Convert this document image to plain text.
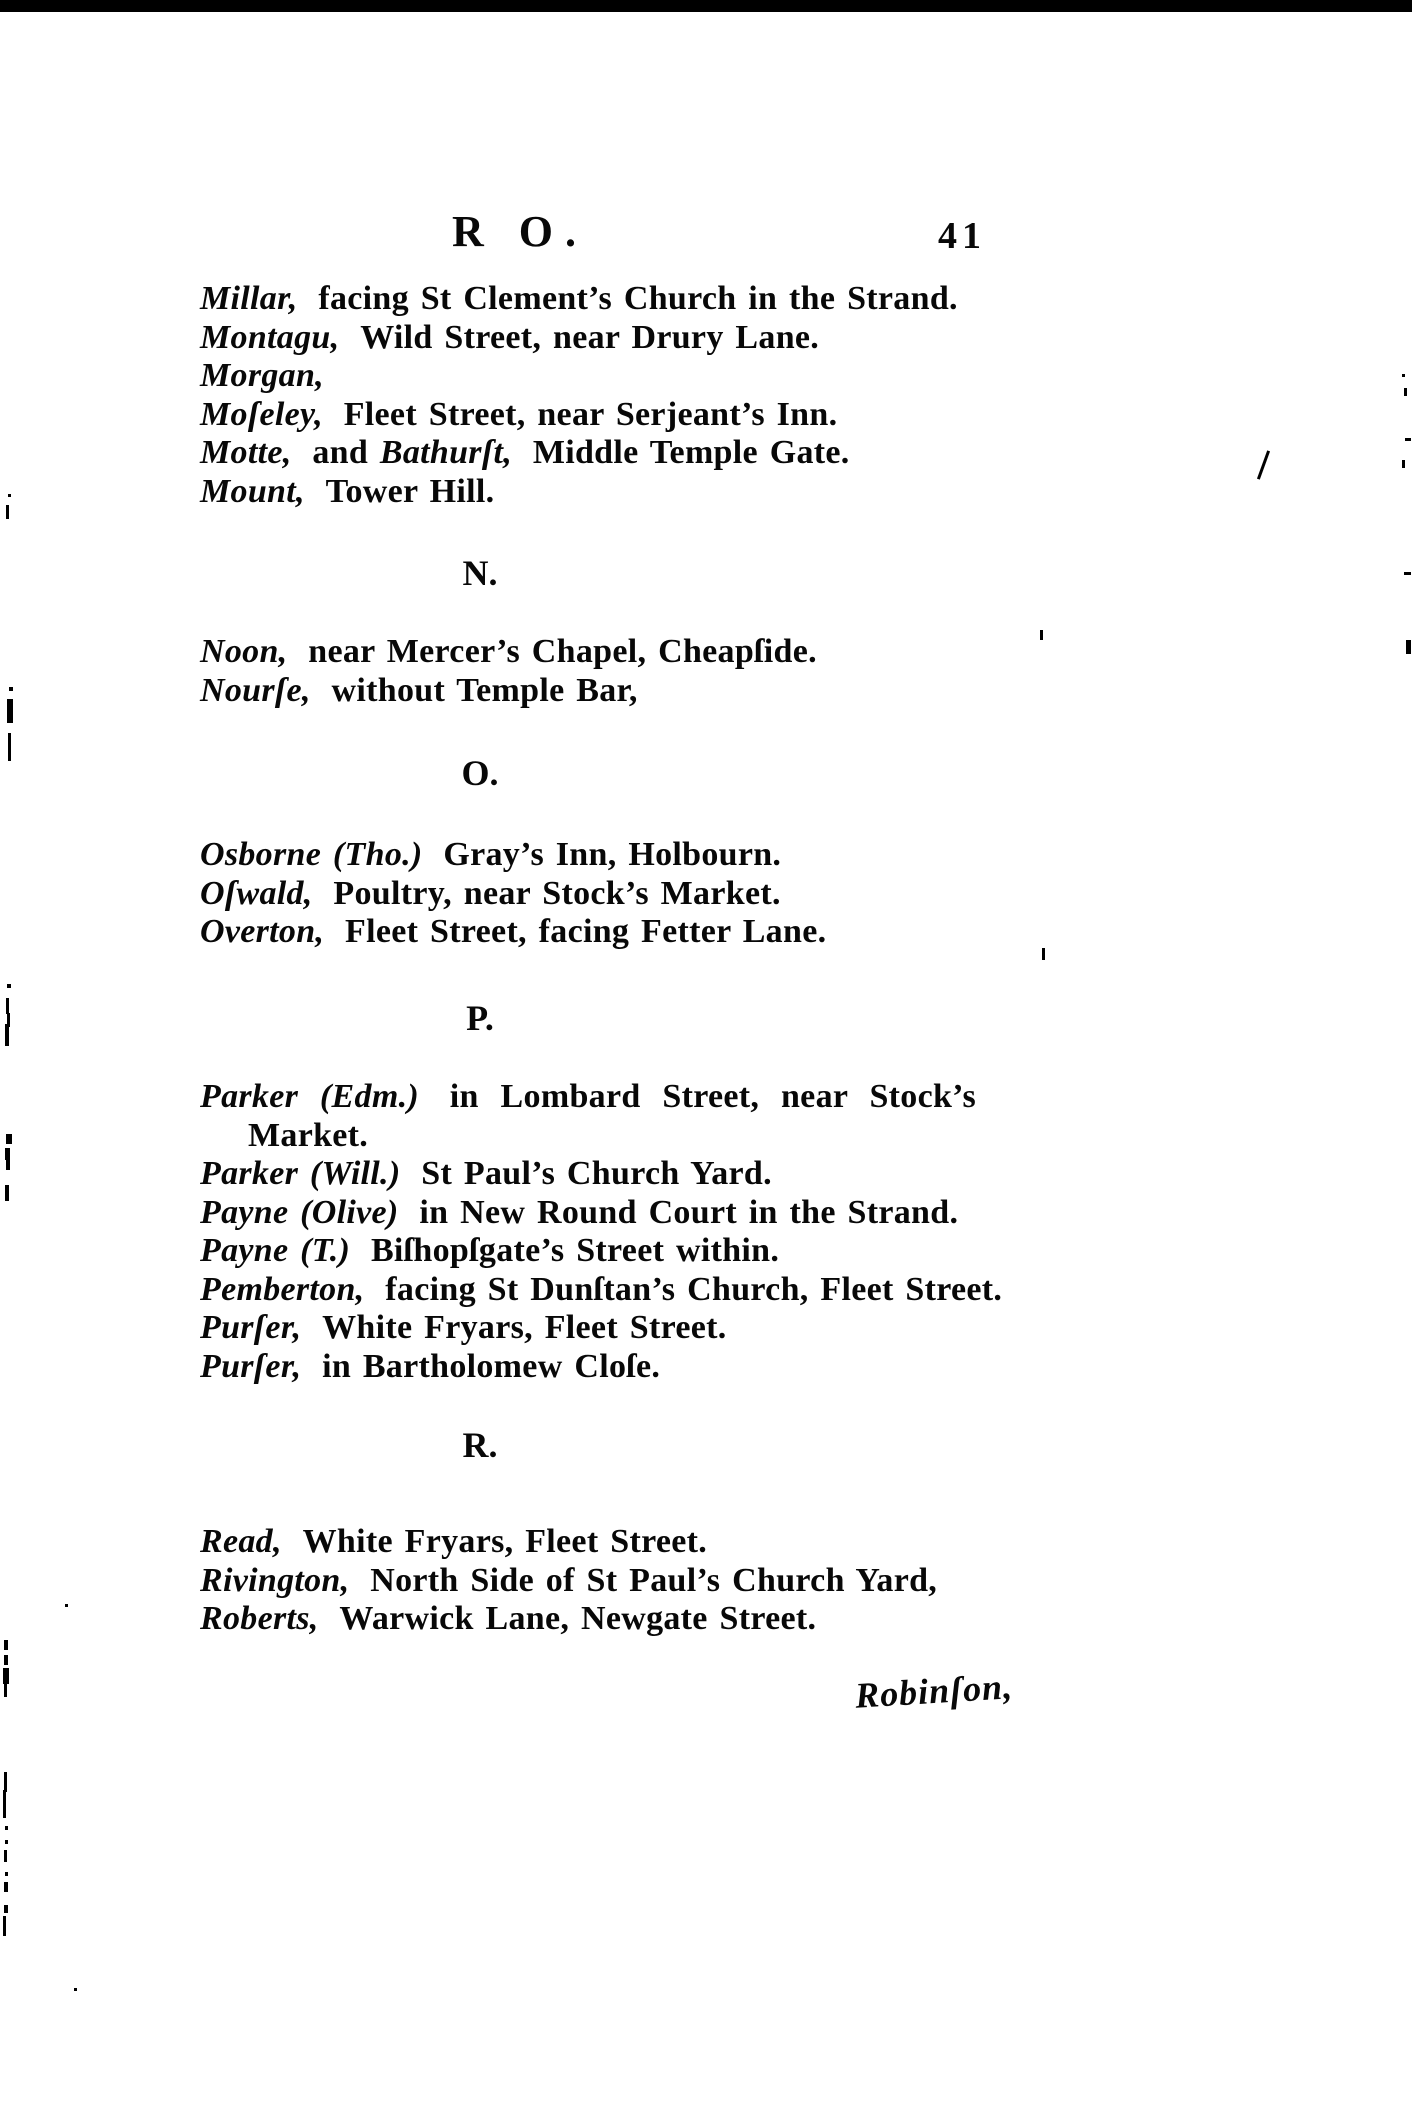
R O.	41
Millar, facing St Clement’s Church in the Strand.
Montagu, Wild Street, near Drury Lane.
Morgan,
Moſeley, Fleet Street, near Serjeant’s Inn.
Motte, and Bathurſt, Middle Temple Gate.
Mount, Tower Hill.
N.
Noon, near Mercer’s Chapel, Cheapſide.
Nourſe, without Temple Bar,
O.
Osborne (Tho.) Gray’s Inn, Holbourn.
Oſwald, Poultry, near Stock’s Market.
Overton, Fleet Street, facing Fetter Lane.
P.
Parker (Edm.) in Lombard Street, near Stock’s
Market.
Parker (Will.) St Paul’s Church Yard.
Payne (Olive) in New Round Court in the Strand.
Payne (T.) Biſhopſgate’s Street within.
Pemberton, facing St Dunſtan’s Church, Fleet Street.
Purſer, White Fryars, Fleet Street.
Purſer, in Bartholomew Cloſe.
R.
Read, White Fryars, Fleet Street.
Rivington, North Side of St Paul’s Church Yard,
Roberts, Warwick Lane, Newgate Street.
Robinſon,
